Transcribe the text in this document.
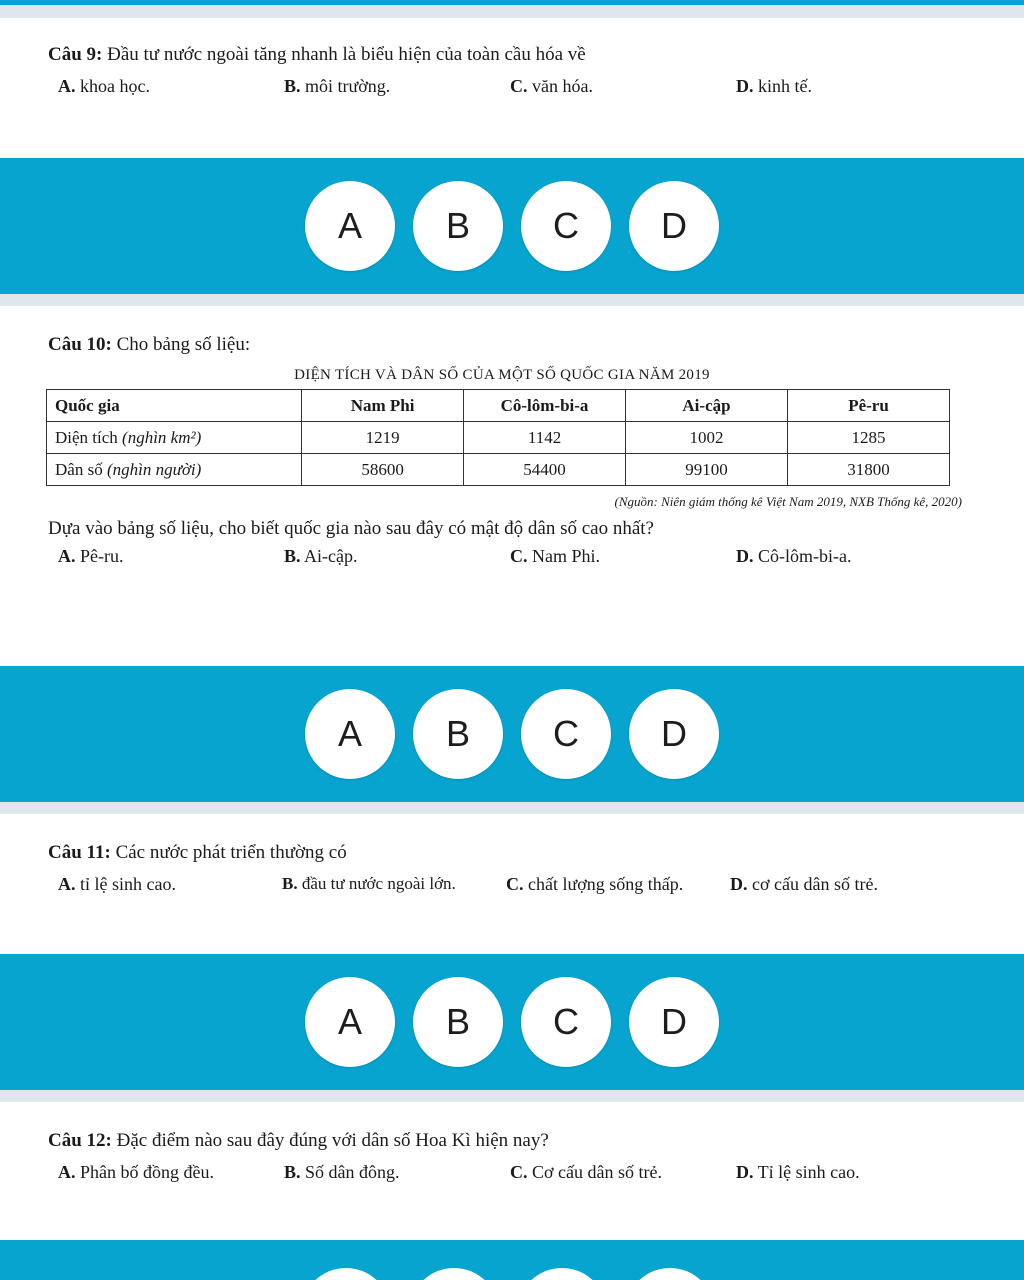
Câu 9: Đầu tư nước ngoài tăng nhanh là biểu hiện của toàn cầu hóa về
A. khoa học.	B. môi trường.	C. văn hóa.	D. kinh tế.
A	B	C	D
Câu 10: Cho bảng số liệu:
DIỆN TÍCH VÀ DÂN SỐ CỦA MỘT SỐ QUỐC GIA NĂM 2019
Quốc gia	Nam Phi	Cô-lôm-bi-a	Ai-cập	Pê-ru
Diện tích (nghìn km²)	1219	1142	1002	1285
Dân số (nghìn người)	58600	54400	99100	31800
(Nguồn: Niên giám thống kê Việt Nam 2019, NXB Thống kê, 2020)
Dựa vào bảng số liệu, cho biết quốc gia nào sau đây có mật độ dân số cao nhất?
A. Pê-ru.	B. Ai-cập.	C. Nam Phi.	D. Cô-lôm-bi-a.
A	B	C	D
Câu 11: Các nước phát triển thường có
A. tỉ lệ sinh cao.	B. đầu tư nước ngoài lớn.	C. chất lượng sống thấp.	D. cơ cấu dân số trẻ.
A	B	C	D
Câu 12: Đặc điểm nào sau đây đúng với dân số Hoa Kì hiện nay?
A. Phân bố đồng đều.	B. Số dân đông.	C. Cơ cấu dân số trẻ.	D. Tỉ lệ sinh cao.
